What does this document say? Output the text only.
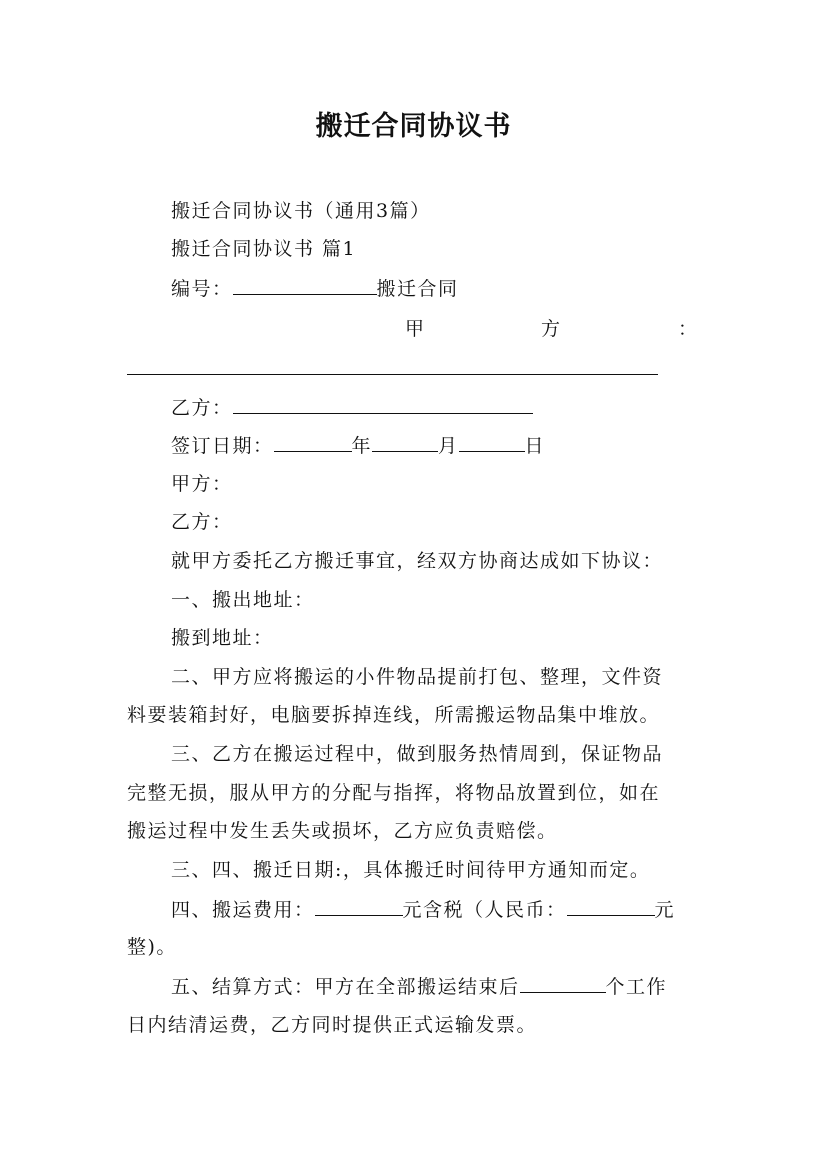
搬迁合同协议书
搬迁合同协议书（通用3篇）
搬迁合同协议书 篇1
编号：	搬迁合同
甲	方	：
乙方：
签订日期：	年	月	日
甲方：
乙方：
就甲方委托乙方搬迁事宜，经双方协商达成如下协议：
一、搬出地址：
搬到地址：
二、甲方应将搬运的小件物品提前打包、整理，文件资
料要装箱封好，电脑要拆掉连线，所需搬运物品集中堆放。
三、乙方在搬运过程中，做到服务热情周到，保证物品
完整无损，服从甲方的分配与指挥，将物品放置到位，如在
搬运过程中发生丢失或损坏，乙方应负责赔偿。
三、四、搬迁日期:，具体搬迁时间待甲方通知而定。
四、搬运费用：	元含税（人民币：	元
整)。
五、结算方式：甲方在全部搬运结束后	个工作
日内结清运费，乙方同时提供正式运输发票。
